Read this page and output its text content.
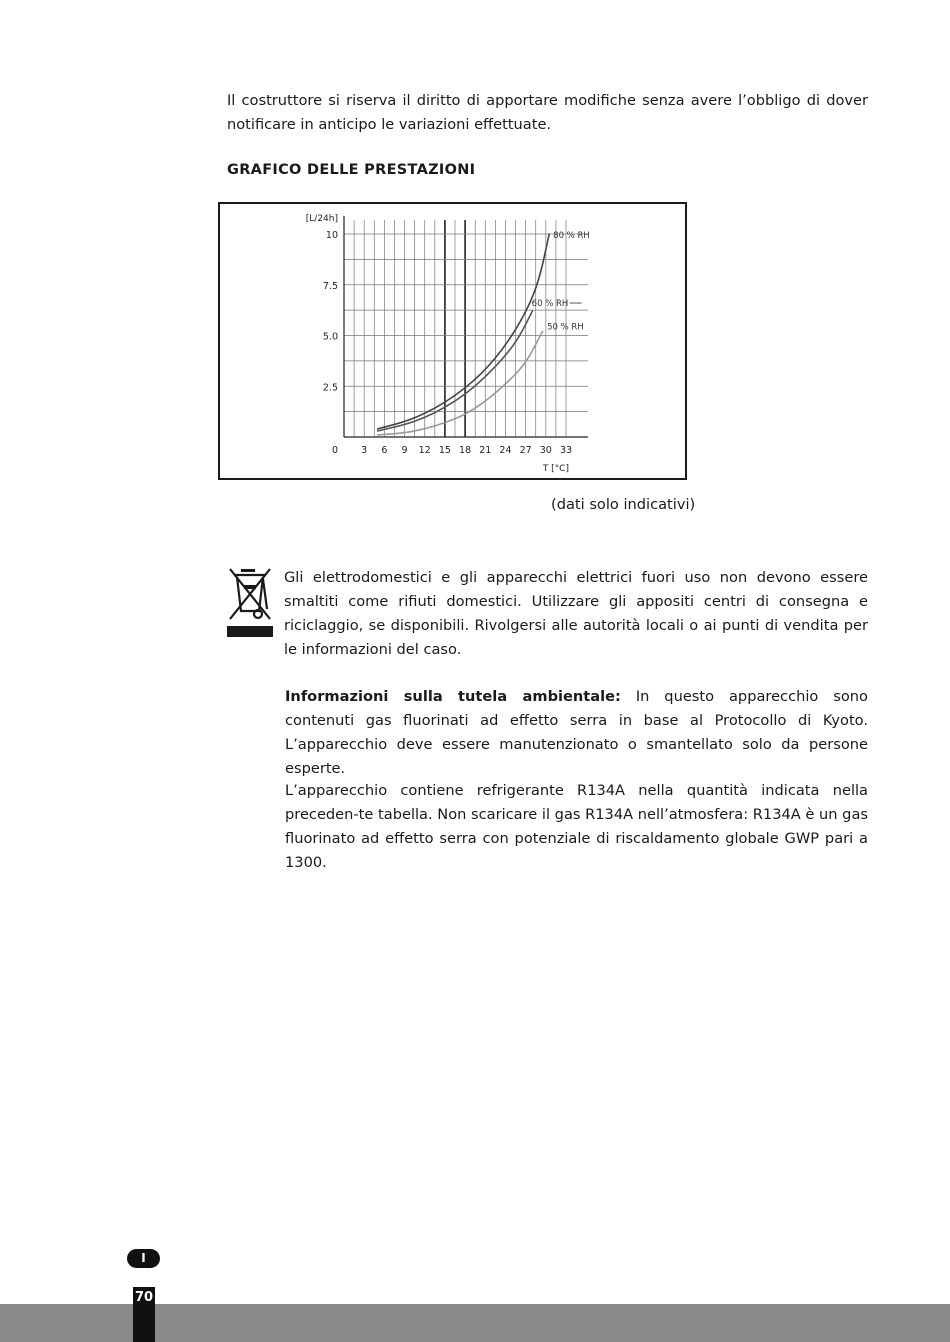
Il costruttore si riserva il diritto di apportare modifiche senza avere l’obbligo di dover notificare in anticipo le variazioni effettuate.

GRAFICO DELLE PRESTAZIONI
3 6 9 12 15 18 21 24 27 30 33
0
2.5
5.0
7.5
10
[L/24h]
T [°C]
80 % RH
60 % RH
50 % RH
(dati solo indicativi)

Gli elettrodomestici e gli apparecchi elettrici fuori uso non devono essere smaltiti come rifiuti domestici. Utilizzare gli appositi centri di consegna e riciclaggio, se disponibili. Rivolgersi alle autorità locali o ai punti di vendita per le informazioni del caso.

Informazioni sulla tutela ambientale: In questo apparecchio sono contenuti gas fluorinati ad effetto serra in base al Protocollo di Kyoto. L’apparecchio deve essere manutenzionato o smantellato solo da persone esperte.

L’apparecchio contiene refrigerante R134A nella quantità indicata nella preceden-te tabella. Non scaricare il gas R134A nell’atmosfera: R134A è un gas fluorinato ad effetto serra con potenziale di riscaldamento globale GWP pari a 1300.

I
70
